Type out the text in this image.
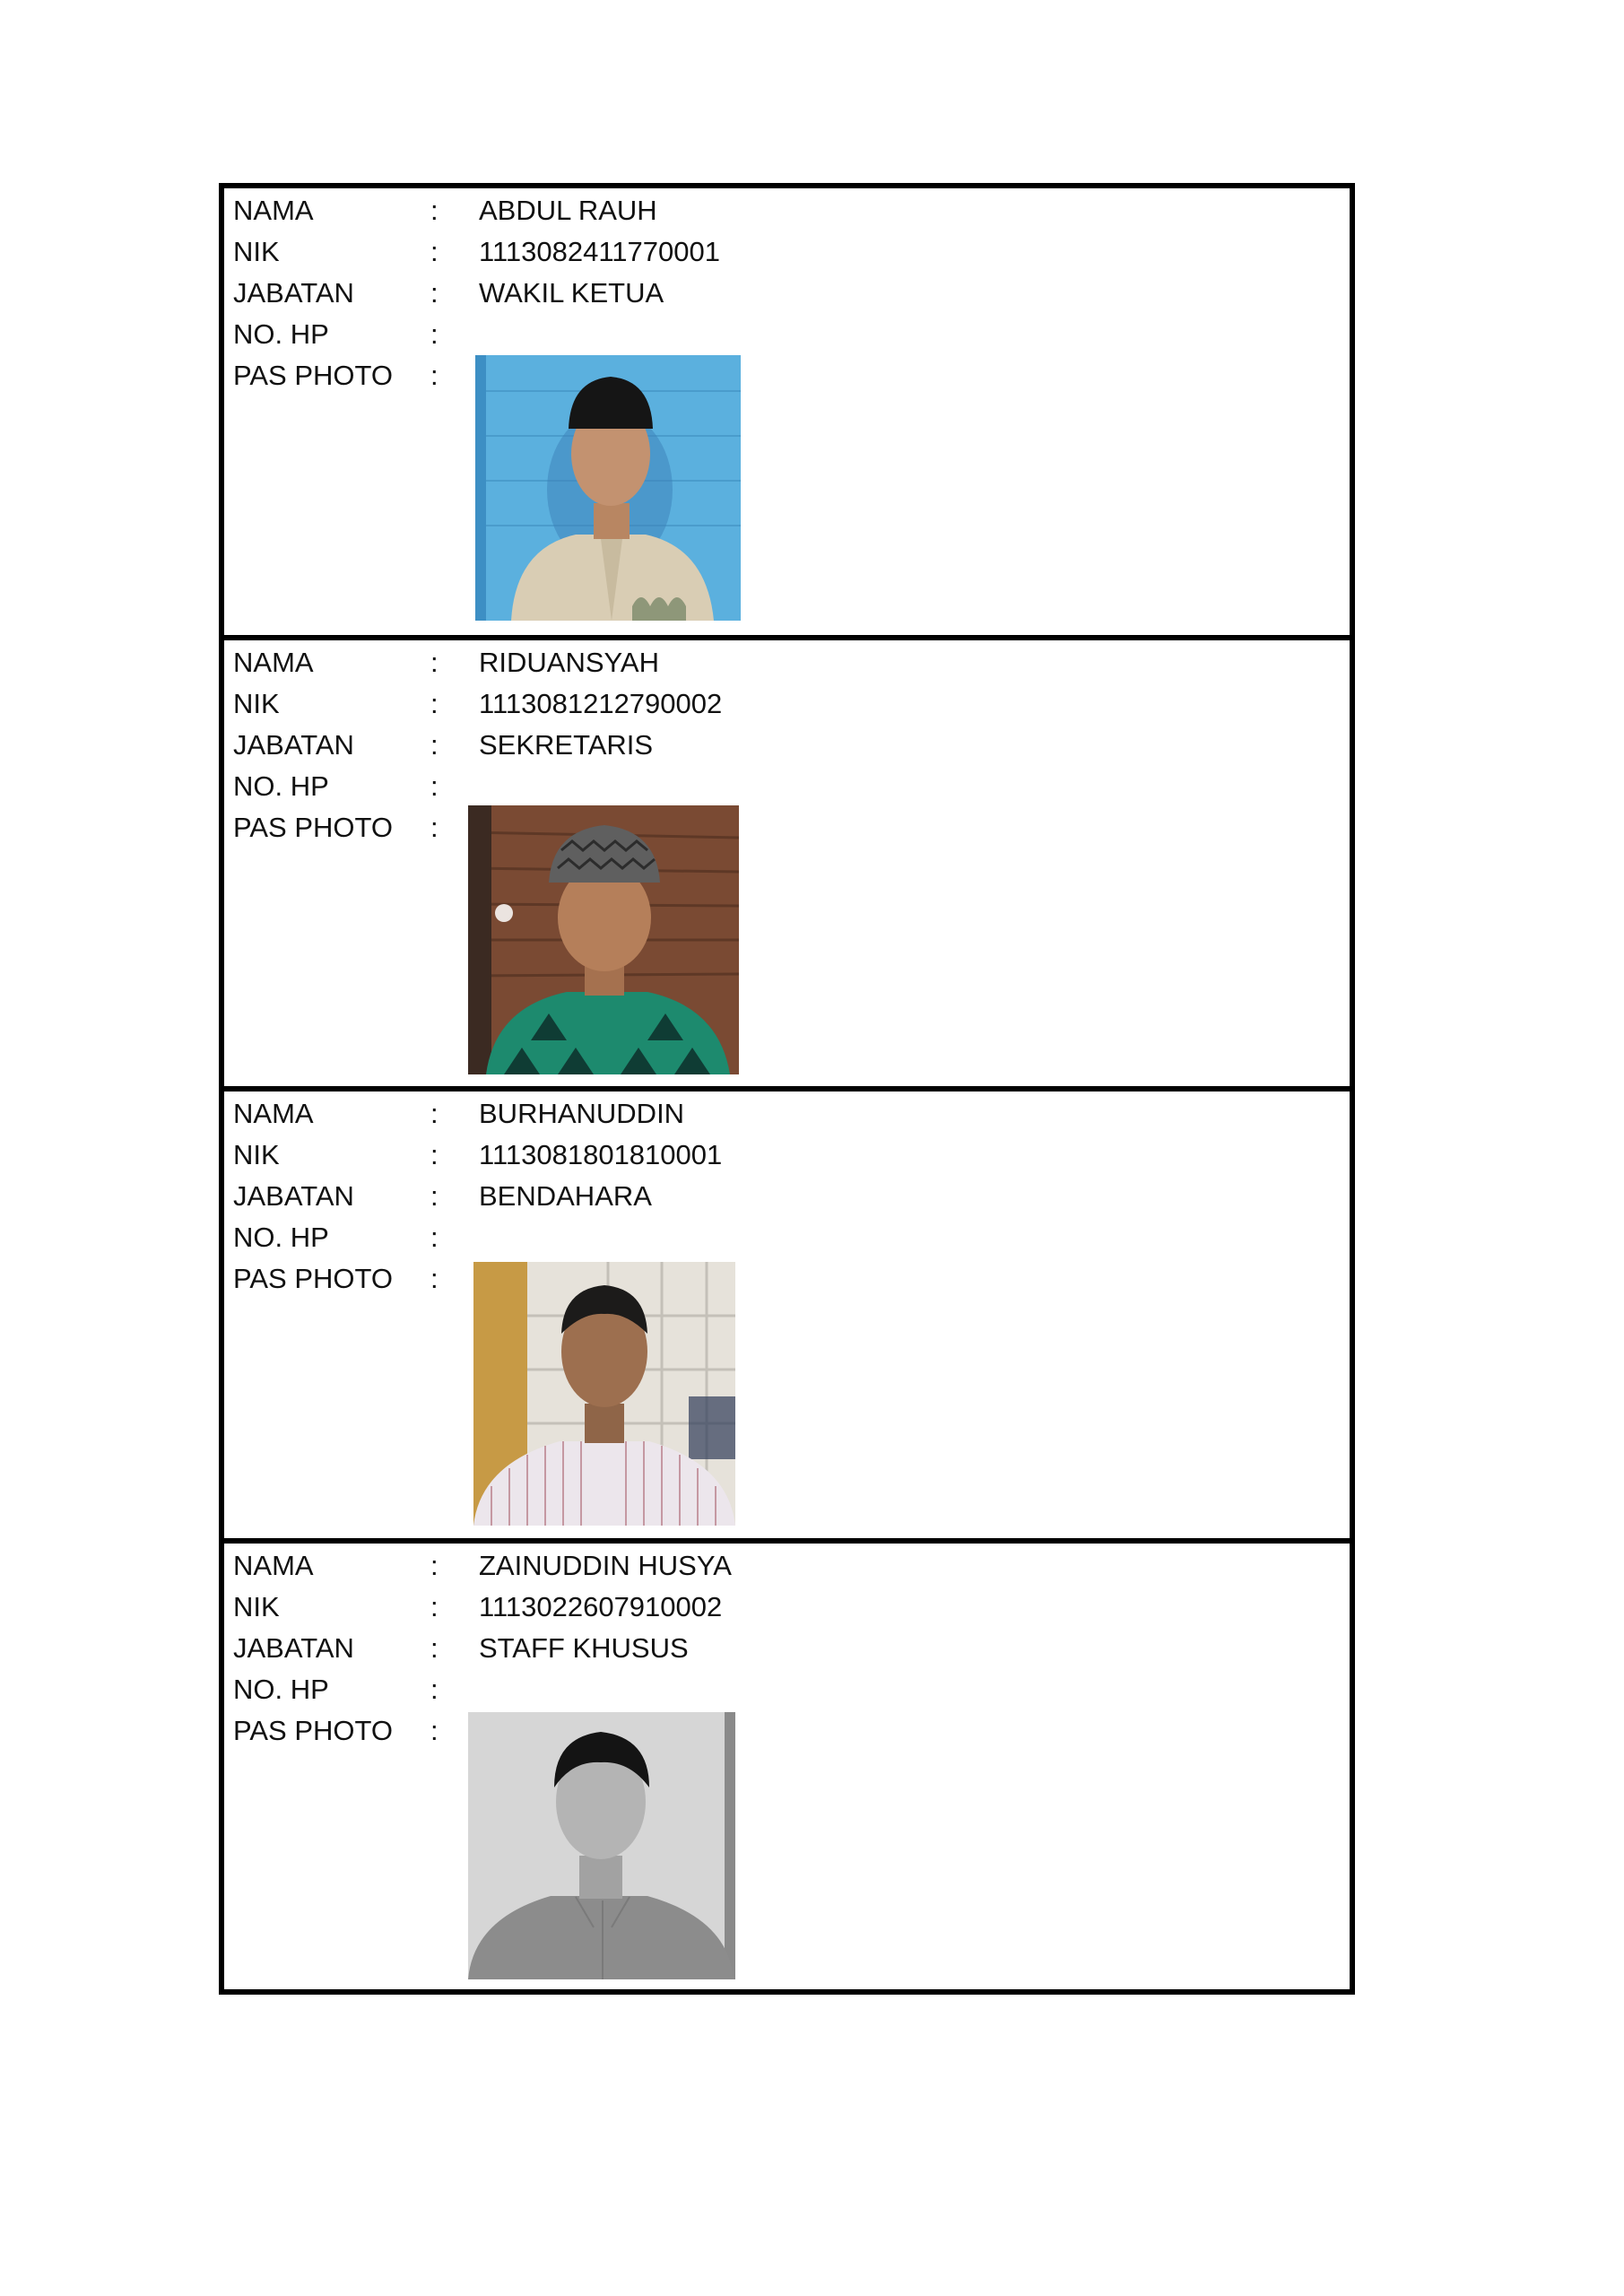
NAMA	:	ABDUL RAUH
NIK	:	1113082411770001
JABATAN	:	WAKIL KETUA
NO. HP	:
PAS PHOTO	:
NAMA	:	RIDUANSYAH
NIK	:	1113081212790002
JABATAN	:	SEKRETARIS
NO. HP	:
PAS PHOTO	:
NAMA	:	BURHANUDDIN
NIK	:	1113081801810001
JABATAN	:	BENDAHARA
NO. HP	:
PAS PHOTO	:
NAMA	:	ZAINUDDIN HUSYA
NIK	:	1113022607910002
JABATAN	:	STAFF KHUSUS
NO. HP	:
PAS PHOTO	:
